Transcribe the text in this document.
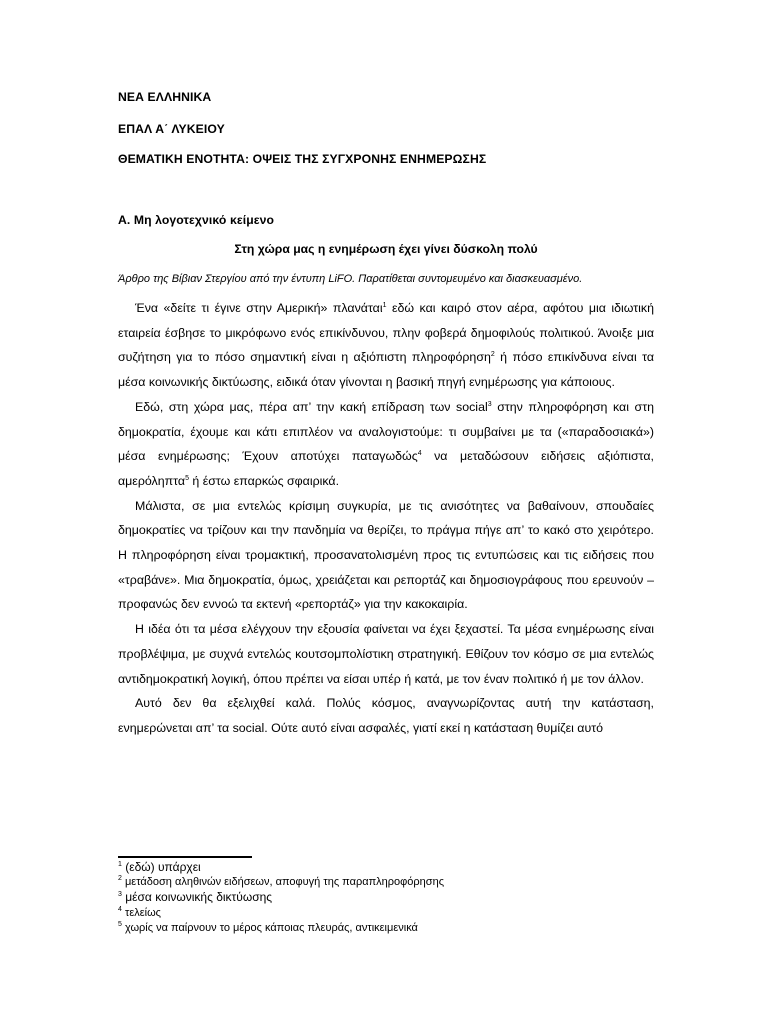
ΝΕΑ ΕΛΛΗΝΙΚΑ

ΕΠΑΛ Α΄ ΛΥΚΕΙΟΥ

ΘΕΜΑΤΙΚΗ ΕΝΟΤΗΤΑ: ΟΨΕΙΣ ΤΗΣ ΣΥΓΧΡΟΝΗΣ ΕΝΗΜΕΡΩΣΗΣ

Α. Μη λογοτεχνικό κείμενο

Στη χώρα μας η ενημέρωση έχει γίνει δύσκολη πολύ

Άρθρο της Βίβιαν Στεργίου από την έντυπη LiFO. Παρατίθεται συντομευμένο και διασκευασμένο.

Ένα «δείτε τι έγινε στην Αμερική» πλανάται$^1$ εδώ και καιρό στον αέρα, αφότου μια ιδιωτική εταιρεία έσβησε το μικρόφωνο ενός επικίνδυνου, πλην φοβερά δημοφιλούς πολιτικού. Άνοιξε μια συζήτηση για το πόσο σημαντική είναι η αξιόπιστη πληροφόρηση$^2$ ή πόσο επικίνδυνα είναι τα μέσα κοινωνικής δικτύωσης, ειδικά όταν γίνονται η βασική πηγή ενημέρωσης για κάποιους.

Εδώ, στη χώρα μας, πέρα απ’ την κακή επίδραση των social$^3$ στην πληροφόρηση και στη δημοκρατία, έχουμε και κάτι επιπλέον να αναλογιστούμε: τι συμβαίνει με τα («παραδοσιακά») μέσα ενημέρωσης; Έχουν αποτύχει παταγωδώς$^4$ να μεταδώσουν ειδήσεις αξιόπιστα, αμερόληπτα$^5$ ή έστω επαρκώς σφαιρικά.

Μάλιστα, σε μια εντελώς κρίσιμη συγκυρία, με τις ανισότητες να βαθαίνουν, σπουδαίες δημοκρατίες να τρίζουν και την πανδημία να θερίζει, το πράγμα πήγε απ’ το κακό στο χειρότερο. Η πληροφόρηση είναι τρομακτική, προσανατολισμένη προς τις εντυπώσεις και τις ειδήσεις που «τραβάνε». Μια δημοκρατία, όμως, χρειάζεται και ρεπορτάζ και δημοσιογράφους που ερευνούν – προφανώς δεν εννοώ τα εκτενή «ρεπορτάζ» για την κακοκαιρία.

Η ιδέα ότι τα μέσα ελέγχουν την εξουσία φαίνεται να έχει ξεχαστεί. Τα μέσα ενημέρωσης είναι προβλέψιμα, με συχνά εντελώς κουτσομπολίστικη στρατηγική. Εθίζουν τον κόσμο σε μια εντελώς αντιδημοκρατική λογική, όπου πρέπει να είσαι υπέρ ή κατά, με τον έναν πολιτικό ή με τον άλλον.

Αυτό δεν θα εξελιχθεί καλά. Πολύς κόσμος, αναγνωρίζοντας αυτή την κατάσταση, ενημερώνεται απ’ τα social. Ούτε αυτό είναι ασφαλές, γιατί εκεί η κατάσταση θυμίζει αυτό

$^1$ (εδώ) υπάρχει
$^2$ μετάδοση αληθινών ειδήσεων, αποφυγή της παραπληροφόρησης
$^3$ μέσα κοινωνικής δικτύωσης
$^4$ τελείως
$^5$ χωρίς να παίρνουν το μέρος κάποιας πλευράς, αντικειμενικά
